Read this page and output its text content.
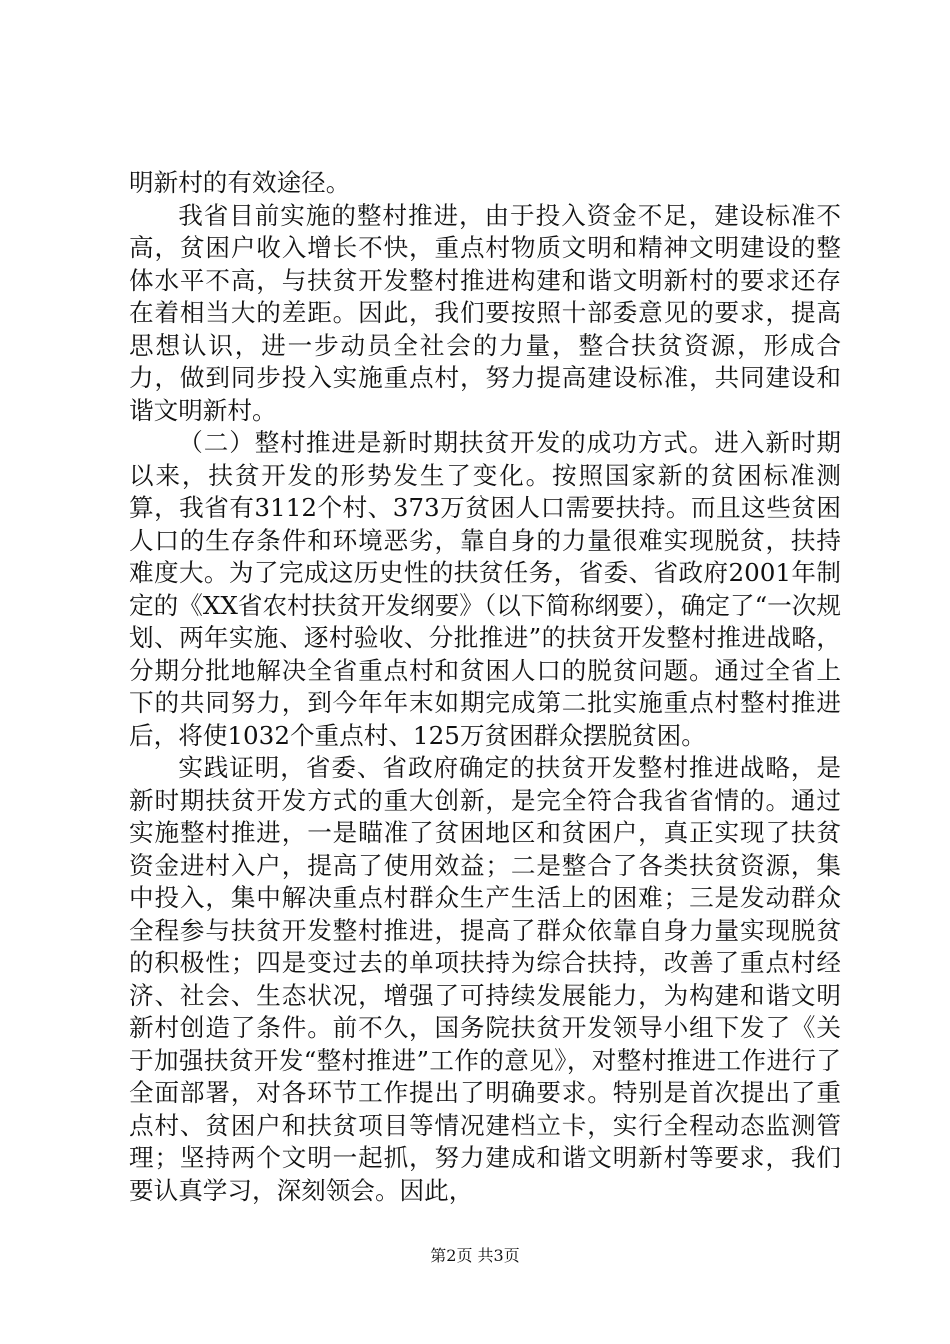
明新村的有效途径。

我省目前实施的整村推进，由于投入资金不足，建设标准不高，贫困户收入增长不快，重点村物质文明和精神文明建设的整体水平不高，与扶贫开发整村推进构建和谐文明新村的要求还存在着相当大的差距。因此，我们要按照十部委意见的要求，提高思想认识，进一步动员全社会的力量，整合扶贫资源，形成合力，做到同步投入实施重点村，努力提高建设标准，共同建设和谐文明新村。

（二）整村推进是新时期扶贫开发的成功方式。进入新时期以来，扶贫开发的形势发生了变化。按照国家新的贫困标准测算，我省有3112个村、373万贫困人口需要扶持。而且这些贫困人口的生存条件和环境恶劣，靠自身的力量很难实现脱贫，扶持难度大。为了完成这历史性的扶贫任务，省委、省政府2001年制定的《XX省农村扶贫开发纲要》（以下简称纲要），确定了“一次规划、两年实施、逐村验收、分批推进”的扶贫开发整村推进战略，分期分批地解决全省重点村和贫困人口的脱贫问题。通过全省上下的共同努力，到今年年末如期完成第二批实施重点村整村推进后，将使1032个重点村、125万贫困群众摆脱贫困。

实践证明，省委、省政府确定的扶贫开发整村推进战略，是新时期扶贫开发方式的重大创新，是完全符合我省省情的。通过实施整村推进，一是瞄准了贫困地区和贫困户，真正实现了扶贫资金进村入户，提高了使用效益；二是整合了各类扶贫资源，集中投入，集中解决重点村群众生产生活上的困难；三是发动群众全程参与扶贫开发整村推进，提高了群众依靠自身力量实现脱贫的积极性；四是变过去的单项扶持为综合扶持，改善了重点村经济、社会、生态状况，增强了可持续发展能力，为构建和谐文明新村创造了条件。前不久，国务院扶贫开发领导小组下发了《关于加强扶贫开发“整村推进”工作的意见》，对整村推进工作进行了全面部署，对各环节工作提出了明确要求。特别是首次提出了重点村、贫困户和扶贫项目等情况建档立卡，实行全程动态监测管理；坚持两个文明一起抓，努力建成和谐文明新村等要求，我们要认真学习，深刻领会。因此，

第2页 共3页
